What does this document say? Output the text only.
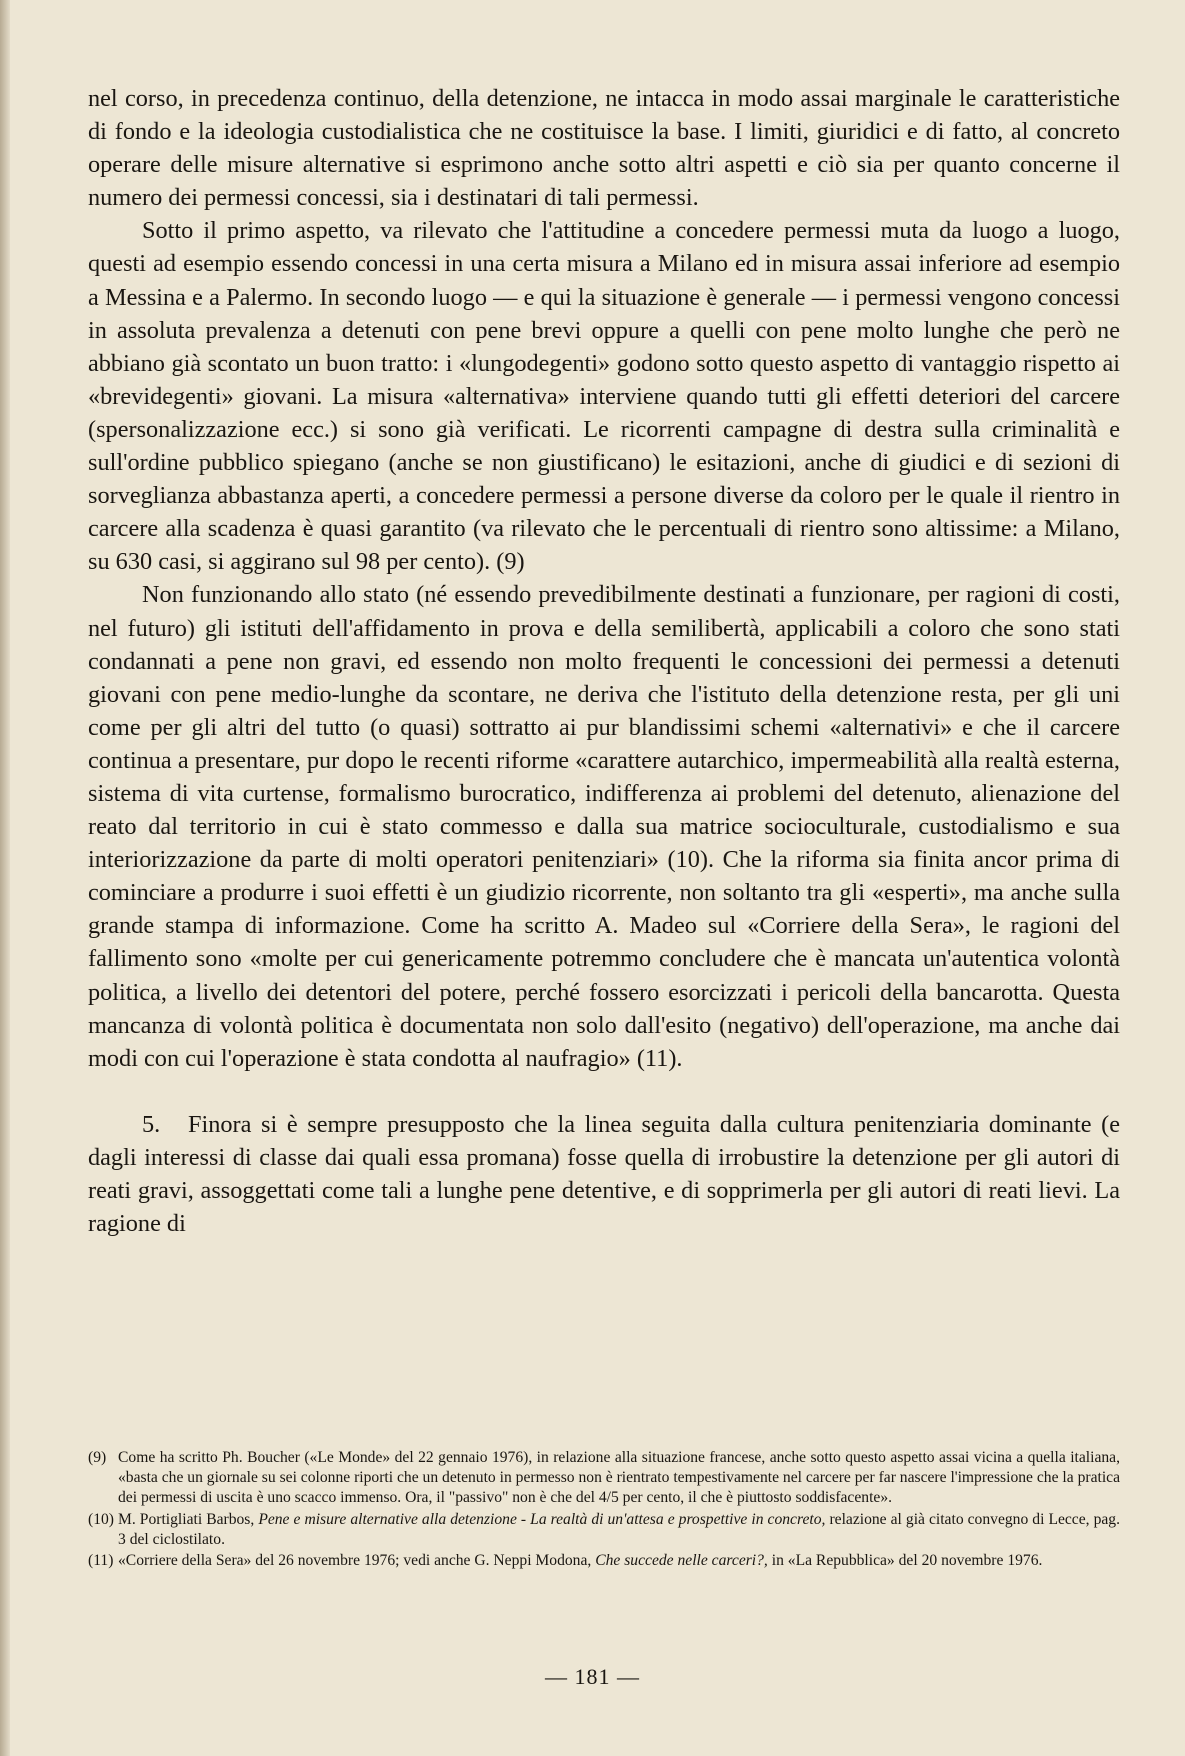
nel corso, in precedenza continuo, della detenzione, ne intacca in modo assai marginale le caratteristiche di fondo e la ideologia custodialistica che ne costituisce la base. I limiti, giuridici e di fatto, al concreto operare delle misure alternative si esprimono anche sotto altri aspetti e ciò sia per quanto concerne il numero dei permessi concessi, sia i destinatari di tali permessi.

Sotto il primo aspetto, va rilevato che l'attitudine a concedere permessi muta da luogo a luogo, questi ad esempio essendo concessi in una certa misura a Milano ed in misura assai inferiore ad esempio a Messina e a Palermo. In secondo luogo — e qui la situazione è generale — i permessi vengono concessi in assoluta prevalenza a detenuti con pene brevi oppure a quelli con pene molto lunghe che però ne abbiano già scontato un buon tratto: i «lungodegenti» godono sotto questo aspetto di vantaggio rispetto ai «brevidegenti» giovani. La misura «alternativa» interviene quando tutti gli effetti deteriori del carcere (spersonalizzazione ecc.) si sono già verificati. Le ricorrenti campagne di destra sulla criminalità e sull'ordine pubblico spiegano (anche se non giustificano) le esitazioni, anche di giudici e di sezioni di sorveglianza abbastanza aperti, a concedere permessi a persone diverse da coloro per le quale il rientro in carcere alla scadenza è quasi garantito (va rilevato che le percentuali di rientro sono altissime: a Milano, su 630 casi, si aggirano sul 98 per cento). (9)

Non funzionando allo stato (né essendo prevedibilmente destinati a funzionare, per ragioni di costi, nel futuro) gli istituti dell'affidamento in prova e della semilibertà, applicabili a coloro che sono stati condannati a pene non gravi, ed essendo non molto frequenti le concessioni dei permessi a detenuti giovani con pene medio-lunghe da scontare, ne deriva che l'istituto della detenzione resta, per gli uni come per gli altri del tutto (o quasi) sottratto ai pur blandissimi schemi «alternativi» e che il carcere continua a presentare, pur dopo le recenti riforme «carattere autarchico, impermeabilità alla realtà esterna, sistema di vita curtense, formalismo burocratico, indifferenza ai problemi del detenuto, alienazione del reato dal territorio in cui è stato commesso e dalla sua matrice socioculturale, custodialismo e sua interiorizzazione da parte di molti operatori penitenziari» (10). Che la riforma sia finita ancor prima di cominciare a produrre i suoi effetti è un giudizio ricorrente, non soltanto tra gli «esperti», ma anche sulla grande stampa di informazione. Come ha scritto A. Madeo sul «Corriere della Sera», le ragioni del fallimento sono «molte per cui genericamente potremmo concludere che è mancata un'autentica volontà politica, a livello dei detentori del potere, perché fossero esorcizzati i pericoli della bancarotta. Questa mancanza di volontà politica è documentata non solo dall'esito (negativo) dell'operazione, ma anche dai modi con cui l'operazione è stata condotta al naufragio» (11).

5. Finora si è sempre presupposto che la linea seguita dalla cultura penitenziaria dominante (e dagli interessi di classe dai quali essa promana) fosse quella di irrobustire la detenzione per gli autori di reati gravi, assoggettati come tali a lunghe pene detentive, e di sopprimerla per gli autori di reati lievi. La ragione di

(9) Come ha scritto Ph. Boucher («Le Monde» del 22 gennaio 1976), in relazione alla situazione francese, anche sotto questo aspetto assai vicina a quella italiana, «basta che un giornale su sei colonne riporti che un detenuto in permesso non è rientrato tempestivamente nel carcere per far nascere l'impressione che la pratica dei permessi di uscita è uno scacco immenso. Ora, il "passivo" non è che del 4/5 per cento, il che è piuttosto soddisfacente».
(10) M. Portigliati Barbos, Pene e misure alternative alla detenzione - La realtà di un'attesa e prospettive in concreto, relazione al già citato convegno di Lecce, pag. 3 del ciclostilato.
(11) «Corriere della Sera» del 26 novembre 1976; vedi anche G. Neppi Modona, Che succede nelle carceri?, in «La Repubblica» del 20 novembre 1976.
— 181 —
